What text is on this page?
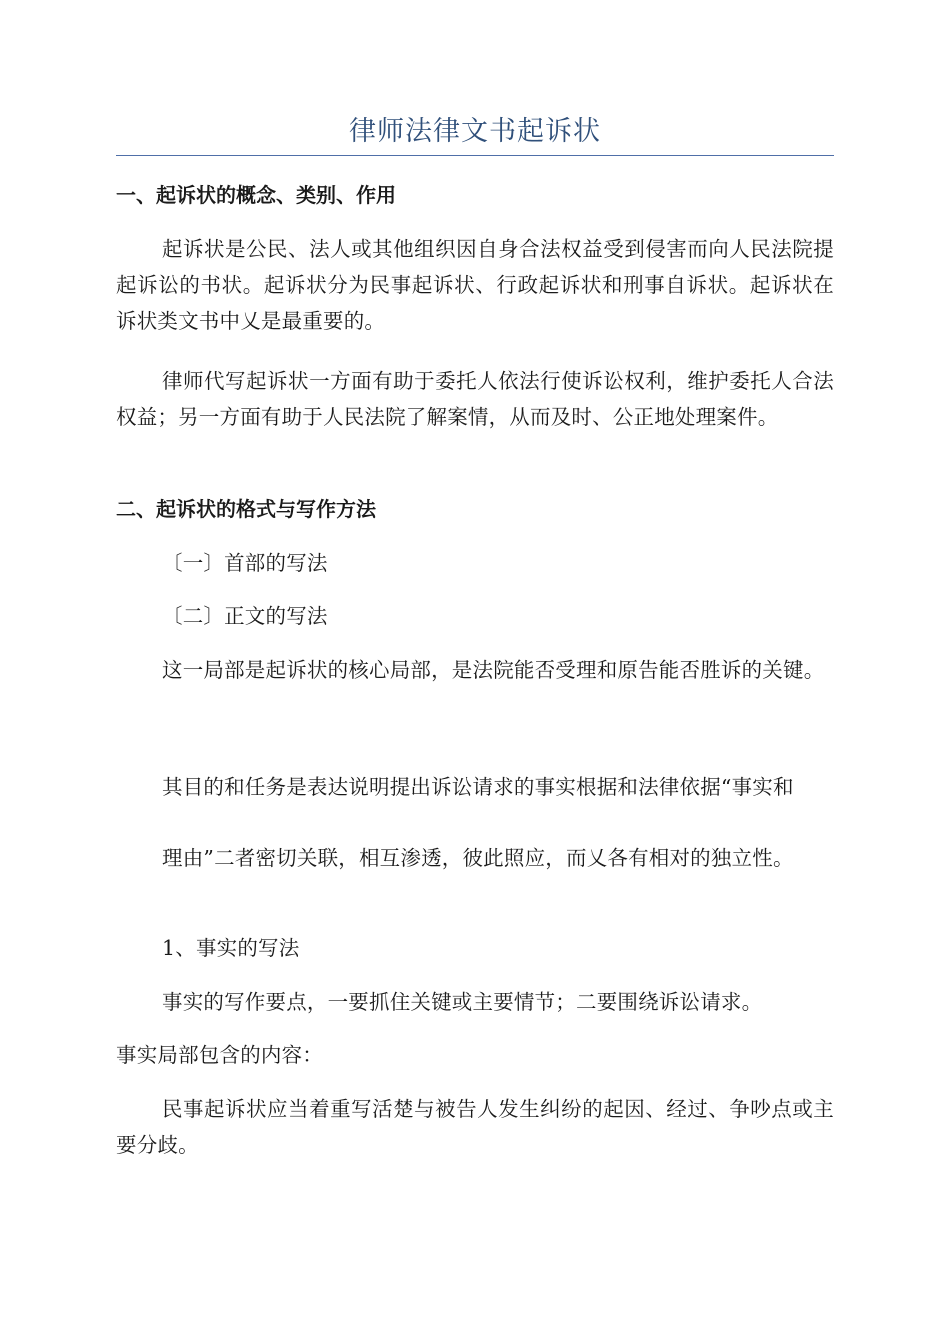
律师法律文书起诉状
一、起诉状的概念、类别、作用

起诉状是公民、法人或其他组织因自身合法权益受到侵害而向人民法院提起诉讼的书状。起诉状分为民事起诉状、行政起诉状和刑事自诉状。起诉状在诉状类文书中乂是最重要的。

律师代写起诉状一方面有助于委托人依法行使诉讼权利，维护委托人合法权益；另一方面有助于人民法院了解案情，从而及时、公正地处理案件。

二、起诉状的格式与写作方法

〔一〕首部的写法

〔二〕正文的写法

这一局部是起诉状的核心局部，是法院能否受理和原告能否胜诉的关键。

其目的和任务是表达说明提出诉讼请求的事实根据和法律依据“事实和

理由”二者密切关联，相互渗透，彼此照应，而乂各有相对的独立性。

1、事实的写法

事实的写作要点，一要抓住关键或主要情节；二要围绕诉讼请求。

事实局部包含的内容：

民事起诉状应当着重写活楚与被告人发生纠纷的起因、经过、争吵点或主要分歧。
